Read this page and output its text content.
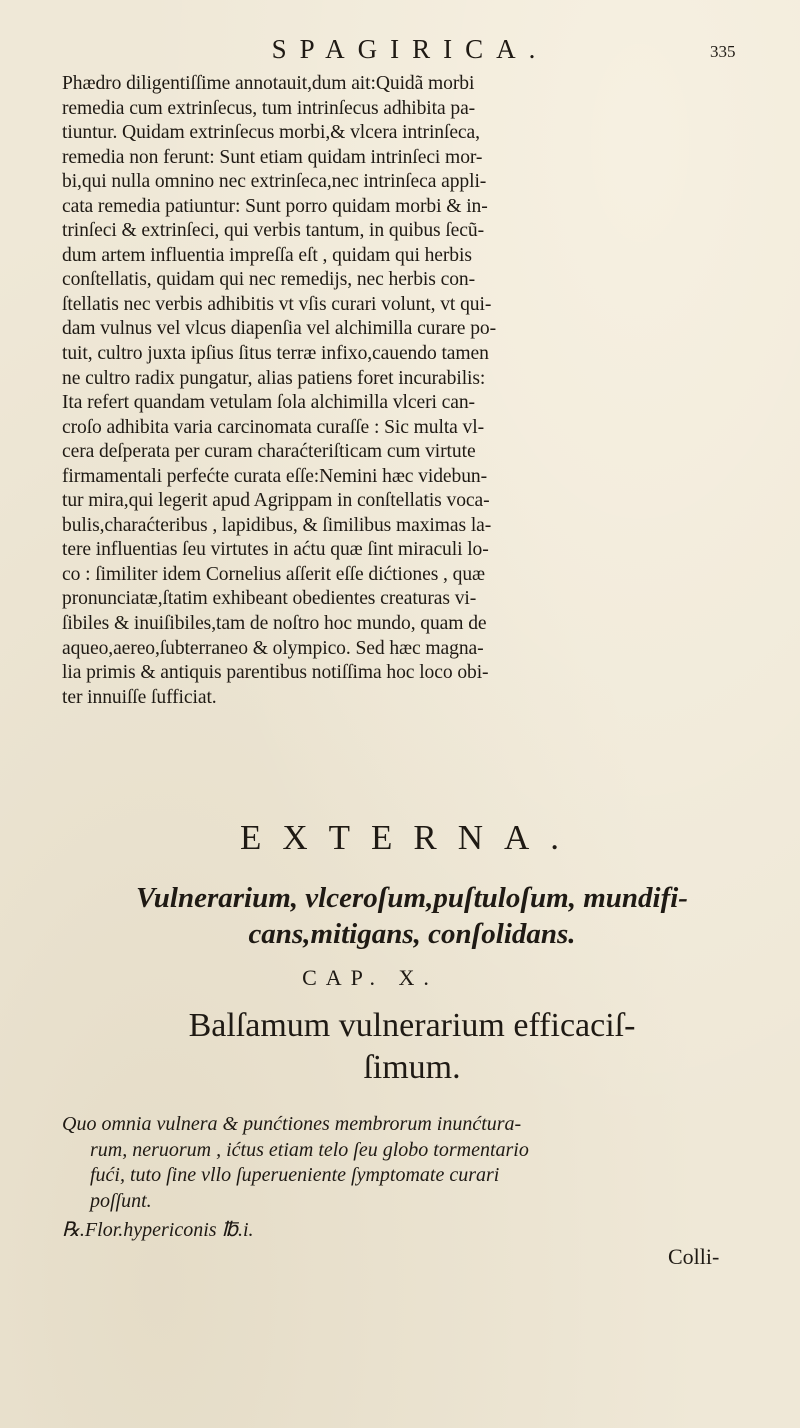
SPAGIRICA.	335
Phædro diligentiſſime annotauit,dum ait:Quidã morbi
remedia cum extrinſecus, tum intrinſecus adhibita pa-
tiuntur. Quidam extrinſecus morbi,& vlcera intrinſeca,
remedia non ferunt: Sunt etiam quidam intrinſeci mor-
bi,qui nulla omnino nec extrinſeca,nec intrinſeca appli-
cata remedia patiuntur: Sunt porro quidam morbi & in-
trinſeci & extrinſeci, qui verbis tantum, in quibus ſecũ-
dum artem influentia impreſſa eſt , quidam qui herbis
conſtellatis, quidam qui nec remedijs, nec herbis con-
ſtellatis nec verbis adhibitis vt vſis curari volunt, vt qui-
dam vulnus vel vlcus diapenſia vel alchimilla curare po-
tuit, cultro juxta ipſius ſitus terræ infixo,cauendo tamen
ne cultro radix pungatur, alias patiens foret incurabilis:
Ita refert quandam vetulam ſola alchimilla vlceri can-
croſo adhibita varia carcinomata curaſſe : Sic multa vl-
cera deſperata per curam charaćteriſticam cum virtute
firmamentali perfećte curata eſſe:Nemini hæc videbun-
tur mira,qui legerit apud Agrippam in conſtellatis voca-
bulis,charaćteribus , lapidibus, & ſimilibus maximas la-
tere influentias ſeu virtutes in aćtu quæ ſint miraculi lo-
co : ſimiliter idem Cornelius aſſerit eſſe dićtiones , quæ
pronunciatæ,ſtatim exhibeant obedientes creaturas vi-
ſibiles & inuiſibiles,tam de noſtro hoc mundo, quam de
aqueo,aereo,ſubterraneo & olympico. Sed hæc magna-
lia primis & antiquis parentibus notiſſima hoc loco obi-
ter innuiſſe ſufficiat.
EXTERNA.
Vulnerarium, vlceroſum,puſtuloſum, mundifi-
cans,mitigans, conſolidans.
CAP. X.
Balſamum vulnerarium efficaciſ-
ſimum.
Quo omnia vulnera & punćtiones membrorum inunćtura-
rum, neruorum , ićtus etiam telo ſeu globo tormentario
fući, tuto ſine vllo ſuperueniente ſymptomate curari
poſſunt.
℞.Flor.hypericonis ℔.i.
Colli-
